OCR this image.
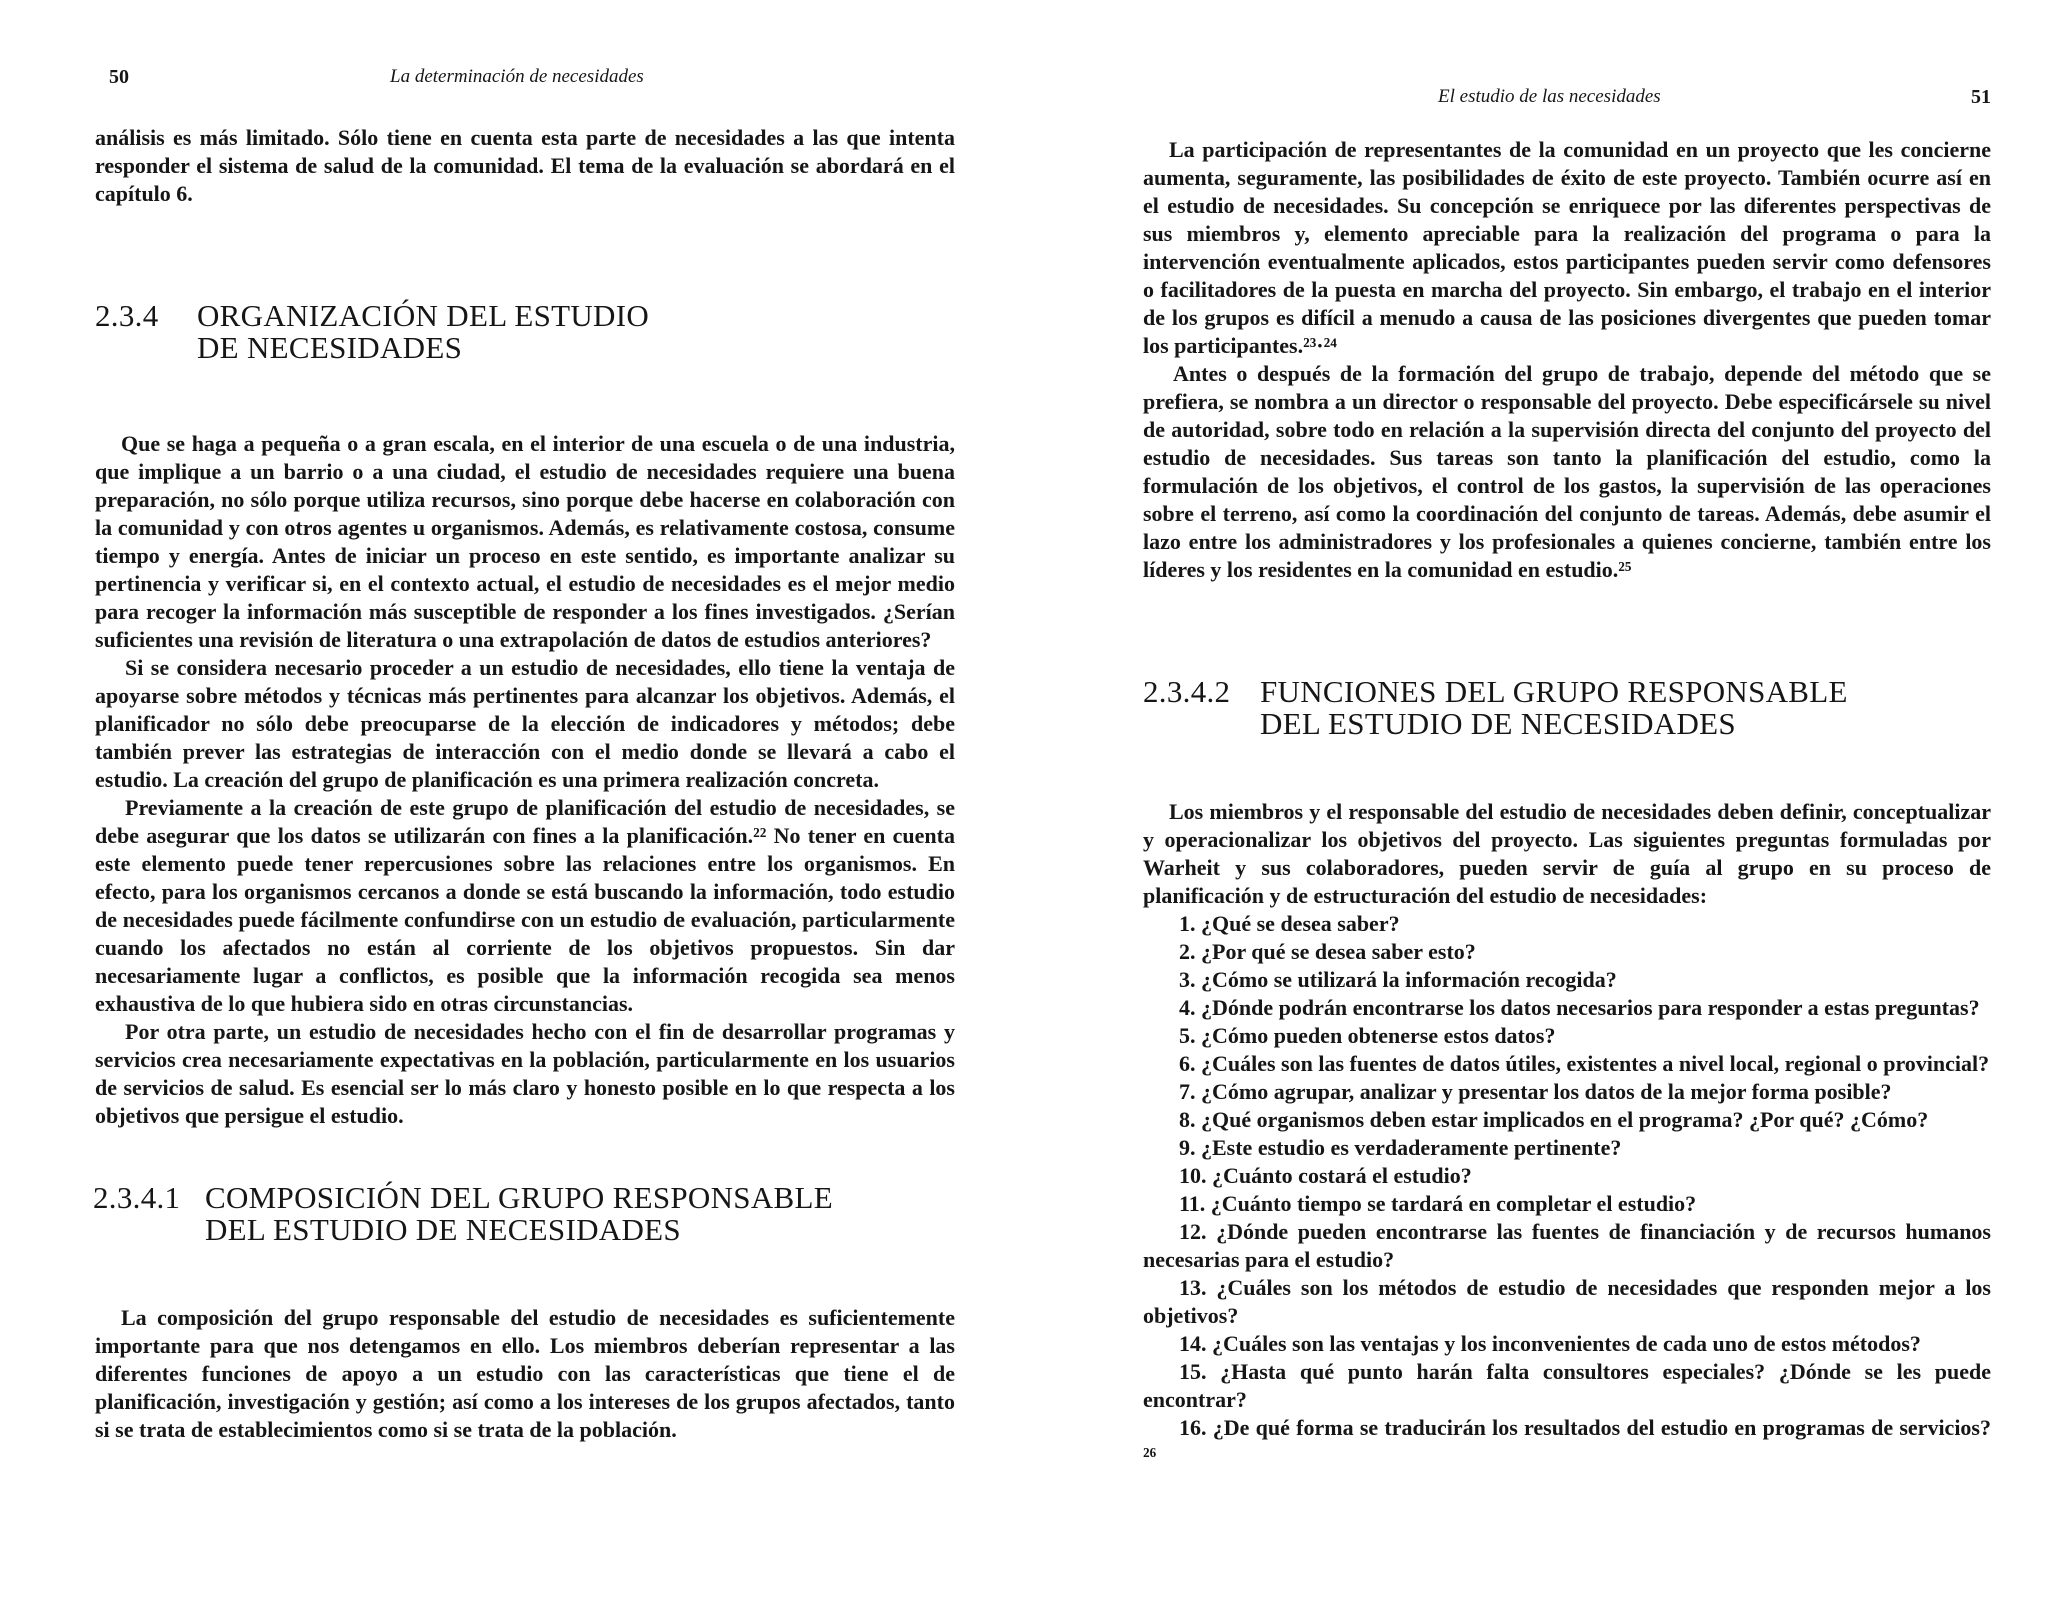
50	La determinación de necesidades

análisis es más limitado. Sólo tiene en cuenta esta parte de necesidades a las que intenta responder el sistema de salud de la comunidad. El tema de la evaluación se abordará en el capítulo 6.

2.3.4	ORGANIZACIÓN DEL ESTUDIO
DE NECESIDADES

Que se haga a pequeña o a gran escala, en el interior de una escuela o de una industria, que implique a un barrio o a una ciudad, el estudio de necesidades requiere una buena preparación, no sólo porque utiliza recursos, sino porque debe hacerse en colaboración con la comunidad y con otros agentes u organismos. Además, es relativamente costosa, consume tiempo y energía. Antes de iniciar un proceso en este sentido, es importante analizar su pertinencia y verificar si, en el contexto actual, el estudio de necesidades es el mejor medio para recoger la información más susceptible de responder a los fines investigados. ¿Serían suficientes una revisión de literatura o una extrapolación de datos de estudios anteriores?

Si se considera necesario proceder a un estudio de necesidades, ello tiene la ventaja de apoyarse sobre métodos y técnicas más pertinentes para alcanzar los objetivos. Además, el planificador no sólo debe preocuparse de la elección de indicadores y métodos; debe también prever las estrategias de interacción con el medio donde se llevará a cabo el estudio. La creación del grupo de planificación es una primera realización concreta.

Previamente a la creación de este grupo de planificación del estudio de necesidades, se debe asegurar que los datos se utilizarán con fines a la planificación.²² No tener en cuenta este elemento puede tener repercusiones sobre las relaciones entre los organismos. En efecto, para los organismos cercanos a donde se está buscando la información, todo estudio de necesidades puede fácilmente confundirse con un estudio de evaluación, particularmente cuando los afectados no están al corriente de los objetivos propuestos. Sin dar necesariamente lugar a conflictos, es posible que la información recogida sea menos exhaustiva de lo que hubiera sido en otras circunstancias.

Por otra parte, un estudio de necesidades hecho con el fin de desarrollar programas y servicios crea necesariamente expectativas en la población, particularmente en los usuarios de servicios de salud. Es esencial ser lo más claro y honesto posible en lo que respecta a los objetivos que persigue el estudio.

2.3.4.1 COMPOSICIÓN DEL GRUPO RESPONSABLE
DEL ESTUDIO DE NECESIDADES

La composición del grupo responsable del estudio de necesidades es suficientemente importante para que nos detengamos en ello. Los miembros deberían representar a las diferentes funciones de apoyo a un estudio con las características que tiene el de planificación, investigación y gestión; así como a los intereses de los grupos afectados, tanto si se trata de establecimientos como si se trata de la población.

El estudio de las necesidades	51

La participación de representantes de la comunidad en un proyecto que les concierne aumenta, seguramente, las posibilidades de éxito de este proyecto. También ocurre así en el estudio de necesidades. Su concepción se enriquece por las diferentes perspectivas de sus miembros y, elemento apreciable para la realización del programa o para la intervención eventualmente aplicados, estos participantes pueden servir como defensores o facilitadores de la puesta en marcha del proyecto. Sin embargo, el trabajo en el interior de los grupos es difícil a menudo a causa de las posiciones divergentes que pueden tomar los participantes.²³·²⁴

Antes o después de la formación del grupo de trabajo, depende del método que se prefiera, se nombra a un director o responsable del proyecto. Debe especificársele su nivel de autoridad, sobre todo en relación a la supervisión directa del conjunto del proyecto del estudio de necesidades. Sus tareas son tanto la planificación del estudio, como la formulación de los objetivos, el control de los gastos, la supervisión de las operaciones sobre el terreno, así como la coordinación del conjunto de tareas. Además, debe asumir el lazo entre los administradores y los profesionales a quienes concierne, también entre los líderes y los residentes en la comunidad en estudio.²⁵

2.3.4.2 FUNCIONES DEL GRUPO RESPONSABLE
DEL ESTUDIO DE NECESIDADES

Los miembros y el responsable del estudio de necesidades deben definir, conceptualizar y operacionalizar los objetivos del proyecto. Las siguientes preguntas formuladas por Warheit y sus colaboradores, pueden servir de guía al grupo en su proceso de planificación y de estructuración del estudio de necesidades:

1. ¿Qué se desea saber?
2. ¿Por qué se desea saber esto?
3. ¿Cómo se utilizará la información recogida?
4. ¿Dónde podrán encontrarse los datos necesarios para responder a estas preguntas?
5. ¿Cómo pueden obtenerse estos datos?
6. ¿Cuáles son las fuentes de datos útiles, existentes a nivel local, regional o provincial?
7. ¿Cómo agrupar, analizar y presentar los datos de la mejor forma posible?
8. ¿Qué organismos deben estar implicados en el programa? ¿Por qué? ¿Cómo?
9. ¿Este estudio es verdaderamente pertinente?
10. ¿Cuánto costará el estudio?
11. ¿Cuánto tiempo se tardará en completar el estudio?
12. ¿Dónde pueden encontrarse las fuentes de financiación y de recursos humanos necesarias para el estudio?
13. ¿Cuáles son los métodos de estudio de necesidades que responden mejor a los objetivos?
14. ¿Cuáles son las ventajas y los inconvenientes de cada uno de estos métodos?
15. ¿Hasta qué punto harán falta consultores especiales? ¿Dónde se les puede encontrar?
16. ¿De qué forma se traducirán los resultados del estudio en programas de servicios?²⁶
